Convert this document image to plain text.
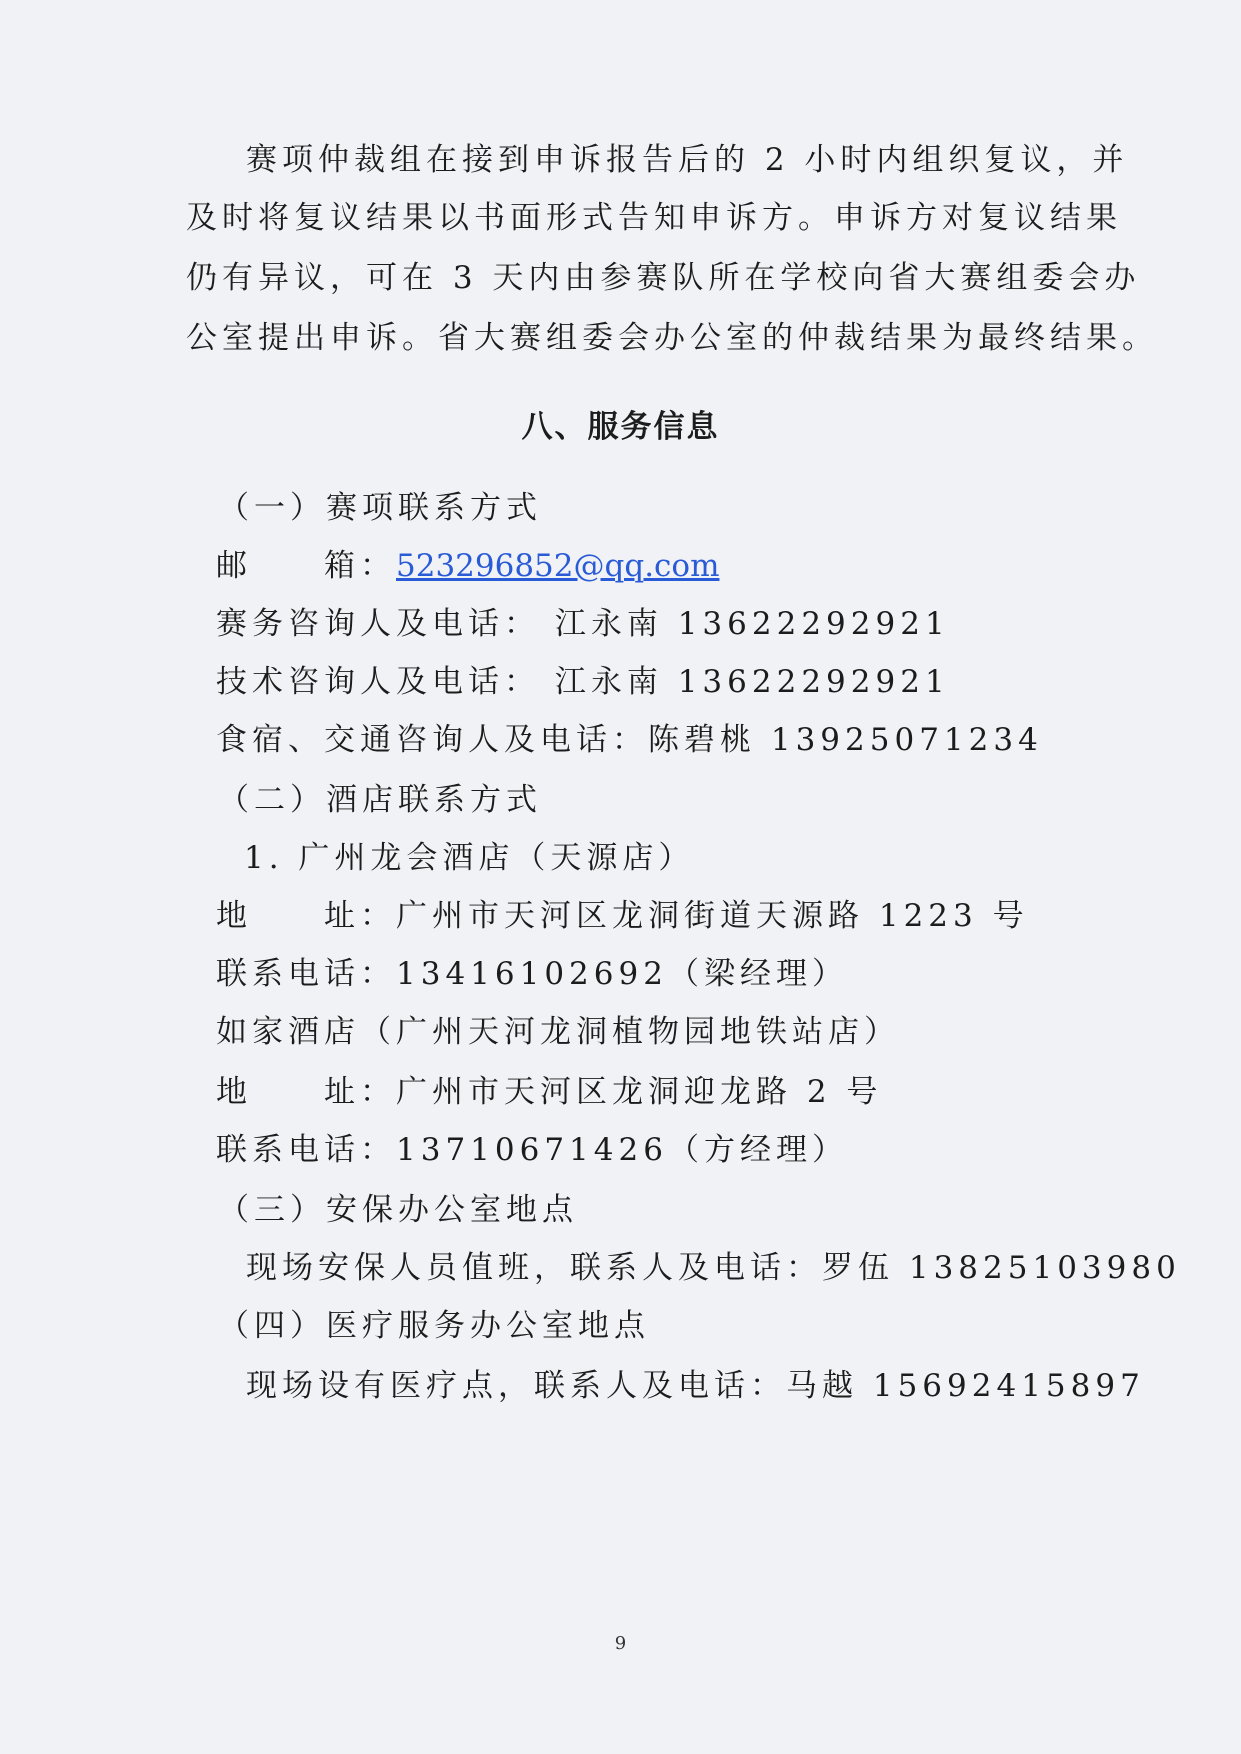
赛项仲裁组在接到申诉报告后的 2 小时内组织复议，并
及时将复议结果以书面形式告知申诉方。申诉方对复议结果
仍有异议，可在 3 天内由参赛队所在学校向省大赛组委会办
公室提出申诉。省大赛组委会办公室的仲裁结果为最终结果。
八、服务信息
（一）赛项联系方式
邮　　箱：523296852@qq.com
赛务咨询人及电话： 江永南 13622292921
技术咨询人及电话： 江永南 13622292921
食宿、交通咨询人及电话：陈碧桃 13925071234
（二）酒店联系方式
1. 广州龙会酒店（天源店）
地　　址：广州市天河区龙洞街道天源路 1223 号
联系电话：13416102692（梁经理）
如家酒店（广州天河龙洞植物园地铁站店）
地　　址：广州市天河区龙洞迎龙路 2 号
联系电话：13710671426（方经理）
（三）安保办公室地点
现场安保人员值班，联系人及电话：罗伍 13825103980
（四）医疗服务办公室地点
现场设有医疗点，联系人及电话：马越 15692415897
9
